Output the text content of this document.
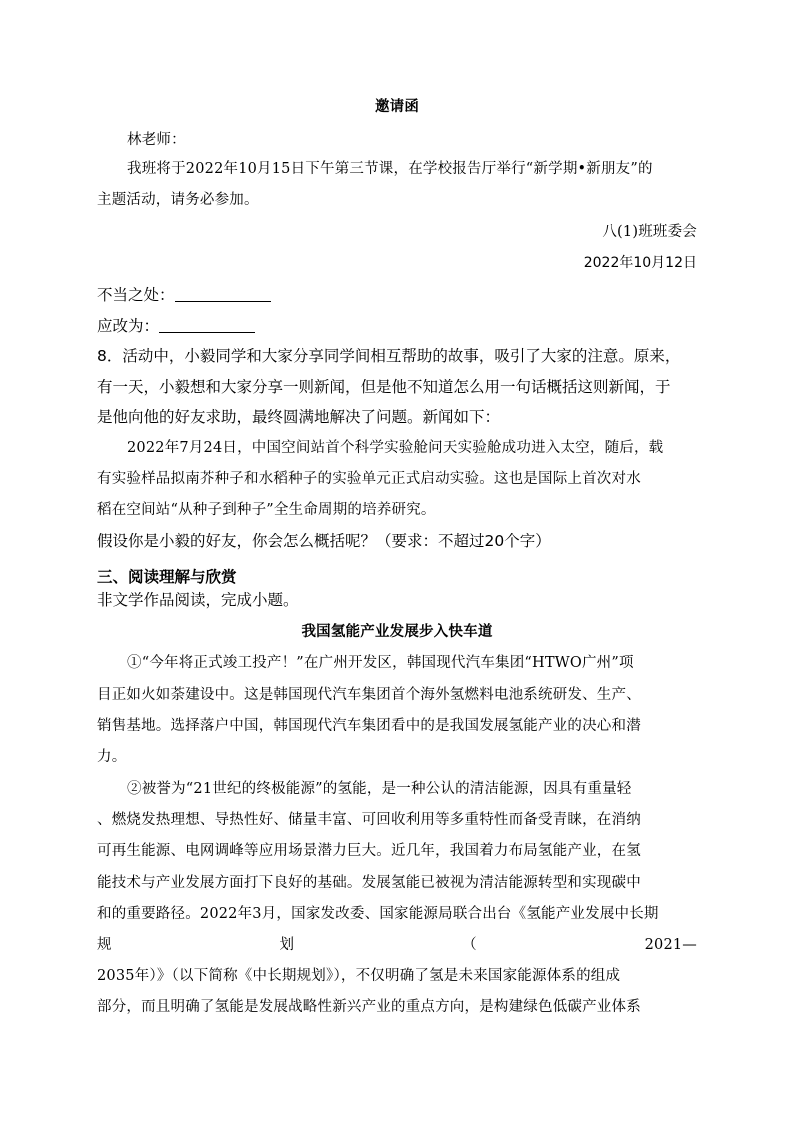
邀请函
林老师：
我班将于2022年10月15日下午第三节课，在学校报告厅举行“新学期•新朋友”的
主题活动，请务必参加。
八(1)班班委会
2022年10月12日
不当之处：
应改为：
8．活动中，小毅同学和大家分享同学间相互帮助的故事，吸引了大家的注意。原来，
有一天，小毅想和大家分享一则新闻，但是他不知道怎么用一句话概括这则新闻，于
是他向他的好友求助，最终圆满地解决了问题。新闻如下：
2022年7月24日，中国空间站首个科学实验舱问天实验舱成功进入太空，随后，载
有实验样品拟南芥种子和水稻种子的实验单元正式启动实验。这也是国际上首次对水
稻在空间站“从种子到种子”全生命周期的培养研究。
假设你是小毅的好友，你会怎么概括呢？（要求：不超过20个字）
三、阅读理解与欣赏
非文学作品阅读，完成小题。
我国氢能产业发展步入快车道
①“今年将正式竣工投产！”在广州开发区，韩国现代汽车集团“HTWO广州”项
目正如火如荼建设中。这是韩国现代汽车集团首个海外氢燃料电池系统研发、生产、
销售基地。选择落户中国，韩国现代汽车集团看中的是我国发展氢能产业的决心和潜
力。
②被誉为“21世纪的终极能源”的氢能，是一种公认的清洁能源，因具有重量轻
、燃烧发热理想、导热性好、储量丰富、可回收利用等多重特性而备受青睐，在消纳
可再生能源、电网调峰等应用场景潜力巨大。近几年，我国着力布局氢能产业，在氢
能技术与产业发展方面打下良好的基础。发展氢能已被视为清洁能源转型和实现碳中
和的重要路径。2022年3月，国家发改委、国家能源局联合出台《氢能产业发展中长期
规	划	（	2021—
2035年）》（以下简称《中长期规划》），不仅明确了氢是未来国家能源体系的组成
部分，而且明确了氢能是发展战略性新兴产业的重点方向，是构建绿色低碳产业体系
